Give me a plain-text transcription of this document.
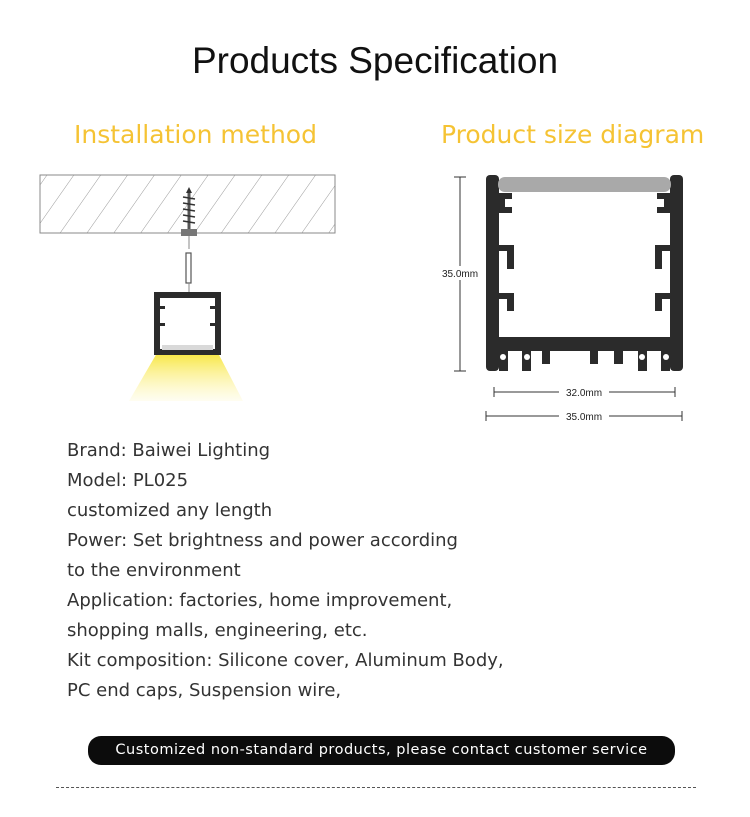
Products Specification
Installation method	Product size diagram
35.0mm
32.0mm
35.0mm
Brand: Baiwei Lighting
Model: PL025
customized any length
Power: Set brightness and power according
to the environment
Application: factories, home improvement,
shopping malls, engineering, etc.
Kit composition: Silicone cover, Aluminum Body,
PC end caps, Suspension wire,
Customized non-standard products, please contact customer service
